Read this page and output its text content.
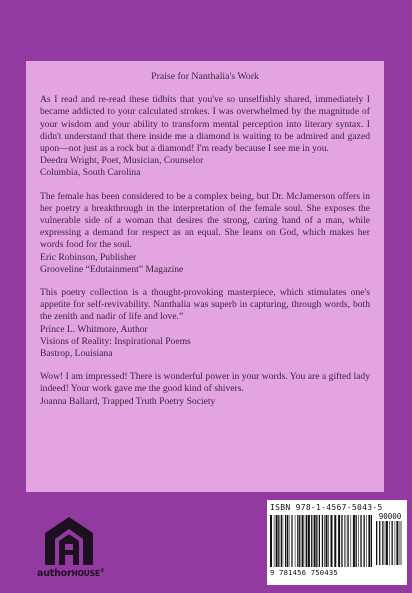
Praise for Nanthalia's Work

As I read and re-read these tidbits that you've so unselfishly shared, immediately I became addicted to your calculated strokes. I was overwhelmed by the magnitude of your wisdom and your ability to transform mental perception into literary syntax. I didn't understand that there inside me a diamond is waiting to be admired and gazed upon—not just as a rock but a diamond! I'm ready because I see me in you.

Deedra Wright, Poet, Musician, Counselor

Columbia, South Carolina

The female has been considered to be a complex being, but Dr. McJamerson offers in her poetry a breakthrough in the interpretation of the female soul. She exposes the vulnerable side of a woman that desires the strong, caring hand of a man, while expressing a demand for respect as an equal. She leans on God, which makes her words food for the soul.

Eric Robinson, Publisher

Grooveline “Edutainment” Magazine

This poetry collection is a thought-provoking masterpiece, which stimulates one's appetite for self-revivability. Nanthalia was superb in capturing, through words, both the zenith and nadir of life and love.”

Prince L. Whitmore, Author

Visions of Reality: Inspirational Poems

Bastrop, Louisiana

Wow! I am impressed! There is wonderful power in your words. You are a gifted lady indeed! Your work gave me the good kind of shivers.

Joanna Ballard, Trapped Truth Poetry Society

authorHOUSE®
ISBN 978-1-4567-5043-5
90000
9 781456 750435
